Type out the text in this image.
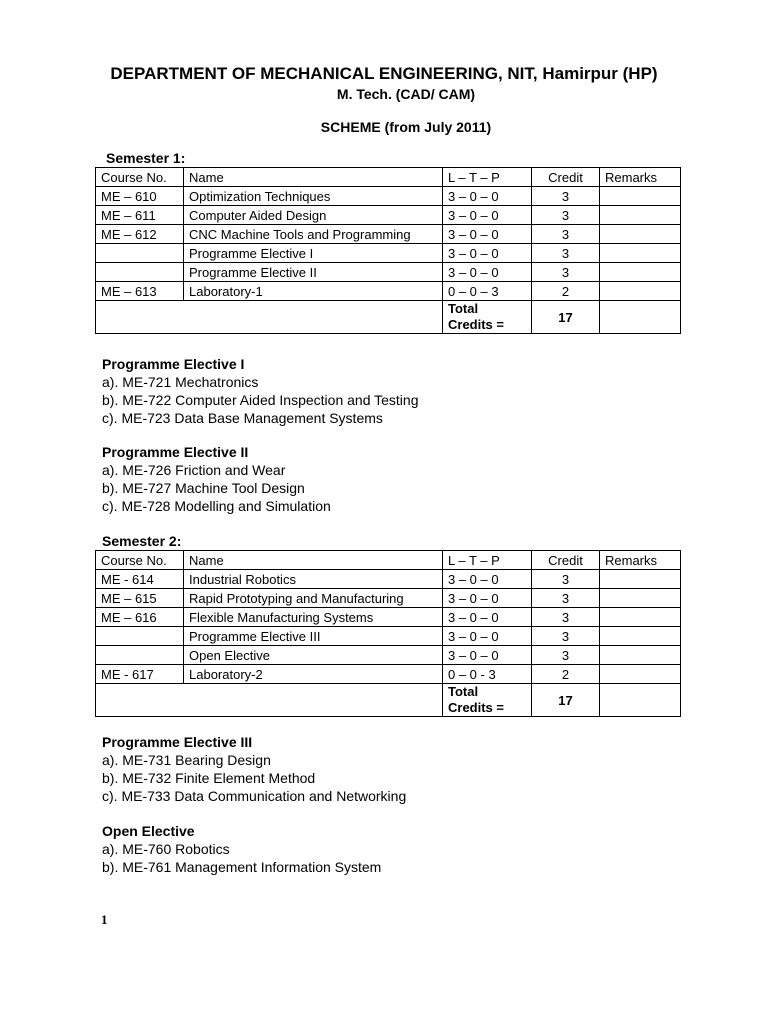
DEPARTMENT OF MECHANICAL ENGINEERING, NIT, Hamirpur (HP)
M. Tech. (CAD/ CAM)
SCHEME (from July 2011)
Semester 1:
Course No.	Name	L – T – P	Credit	Remarks
ME – 610	Optimization Techniques	3 – 0 – 0	3	
ME – 611	Computer Aided Design	3 – 0 – 0	3	
ME – 612	CNC Machine Tools and Programming	3 – 0 – 0	3	
	Programme Elective I	3 – 0 – 0	3	
	Programme Elective II	3 – 0 – 0	3	
ME – 613	Laboratory-1	0 – 0 – 3	2	
		Total Credits =	17	
Programme Elective I
a). ME-721 Mechatronics
b). ME-722 Computer Aided Inspection and Testing
c). ME-723 Data Base Management Systems
Programme Elective II
a). ME-726 Friction and Wear
b). ME-727 Machine Tool Design
c). ME-728 Modelling and Simulation
Semester 2:
Course No.	Name	L – T – P	Credit	Remarks
ME - 614	Industrial Robotics	3 – 0 – 0	3	
ME – 615	Rapid Prototyping and Manufacturing	3 – 0 – 0	3	
ME – 616	Flexible Manufacturing Systems	3 – 0 – 0	3	
	Programme Elective III	3 – 0 – 0	3	
	Open Elective	3 – 0 – 0	3	
ME - 617	Laboratory-2	0 – 0 - 3	2	
		Total Credits =	17	
Programme Elective III
a). ME-731 Bearing Design
b). ME-732 Finite Element Method
c). ME-733 Data Communication and Networking
Open Elective
a). ME-760 Robotics
b). ME-761 Management Information System
1
